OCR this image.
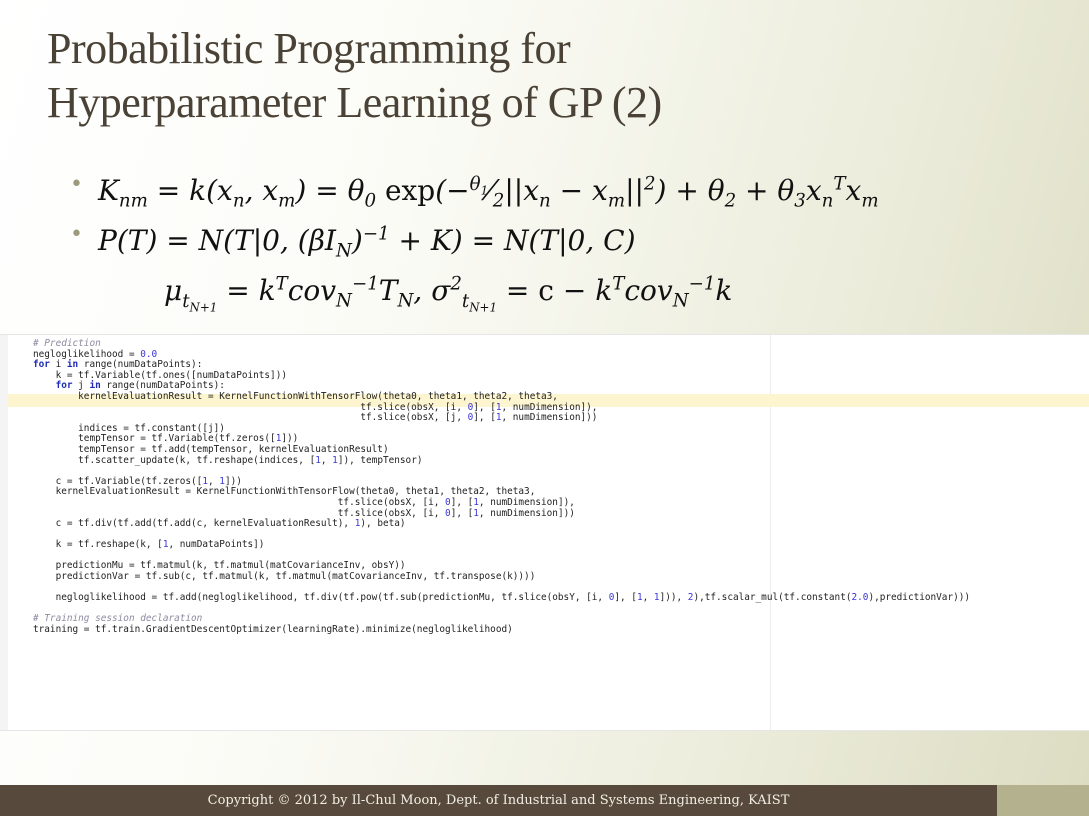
Probabilistic Programming for
Hyperparameter Learning of GP (2)
• $K_{nm} = k(x_n$, $x_m) = \theta_0$ $\exp(-^{\theta_1}⁄_2||x_n - x_m||^2) + \theta_2 + \theta_3x_n^Tx_m$
• P(T) = N(T|0, $(\beta I_N)^{-1} + K) = N(T|0$, C)
$\mu_{t_{N+1}} = k^Tcov_N^{-1}T_N$, $\sigma^2_{t_{N+1}} = c - k^Tcov_N^{-1}k$
# Prediction
negloglikelihood = 0.0
for i in range(numDataPoints):
k = tf.Variable(tf.ones([numDataPoints]))
for j in range(numDataPoints):
kernelEvaluationResult = KernelFunctionWithTensorFlow(theta0, theta1, theta2, theta3,
tf.slice(obsX, [i, 0], [1, numDimension]),
tf.slice(obsX, [j, 0], [1, numDimension]))
indices = tf.constant([j])
tempTensor = tf.Variable(tf.zeros([1]))
tempTensor = tf.add(tempTensor, kernelEvaluationResult)
tf.scatter_update(k, tf.reshape(indices, [1, 1]), tempTensor)

c = tf.Variable(tf.zeros([1, 1]))
kernelEvaluationResult = KernelFunctionWithTensorFlow(theta0, theta1, theta2, theta3,
tf.slice(obsX, [i, 0], [1, numDimension]),
tf.slice(obsX, [i, 0], [1, numDimension]))
c = tf.div(tf.add(tf.add(c, kernelEvaluationResult), 1), beta)

k = tf.reshape(k, [1, numDataPoints])

predictionMu = tf.matmul(k, tf.matmul(matCovarianceInv, obsY))
predictionVar = tf.sub(c, tf.matmul(k, tf.matmul(matCovarianceInv, tf.transpose(k))))

negloglikelihood = tf.add(negloglikelihood, tf.div(tf.pow(tf.sub(predictionMu, tf.slice(obsY, [i, 0], [1, 1])), 2),tf.scalar_mul(tf.constant(2.0),predictionVar)))

# Training session declaration
training = tf.train.GradientDescentOptimizer(learningRate).minimize(negloglikelihood)

Copyright © 2012 by Il-Chul Moon, Dept. of Industrial and Systems Engineering, KAIST
